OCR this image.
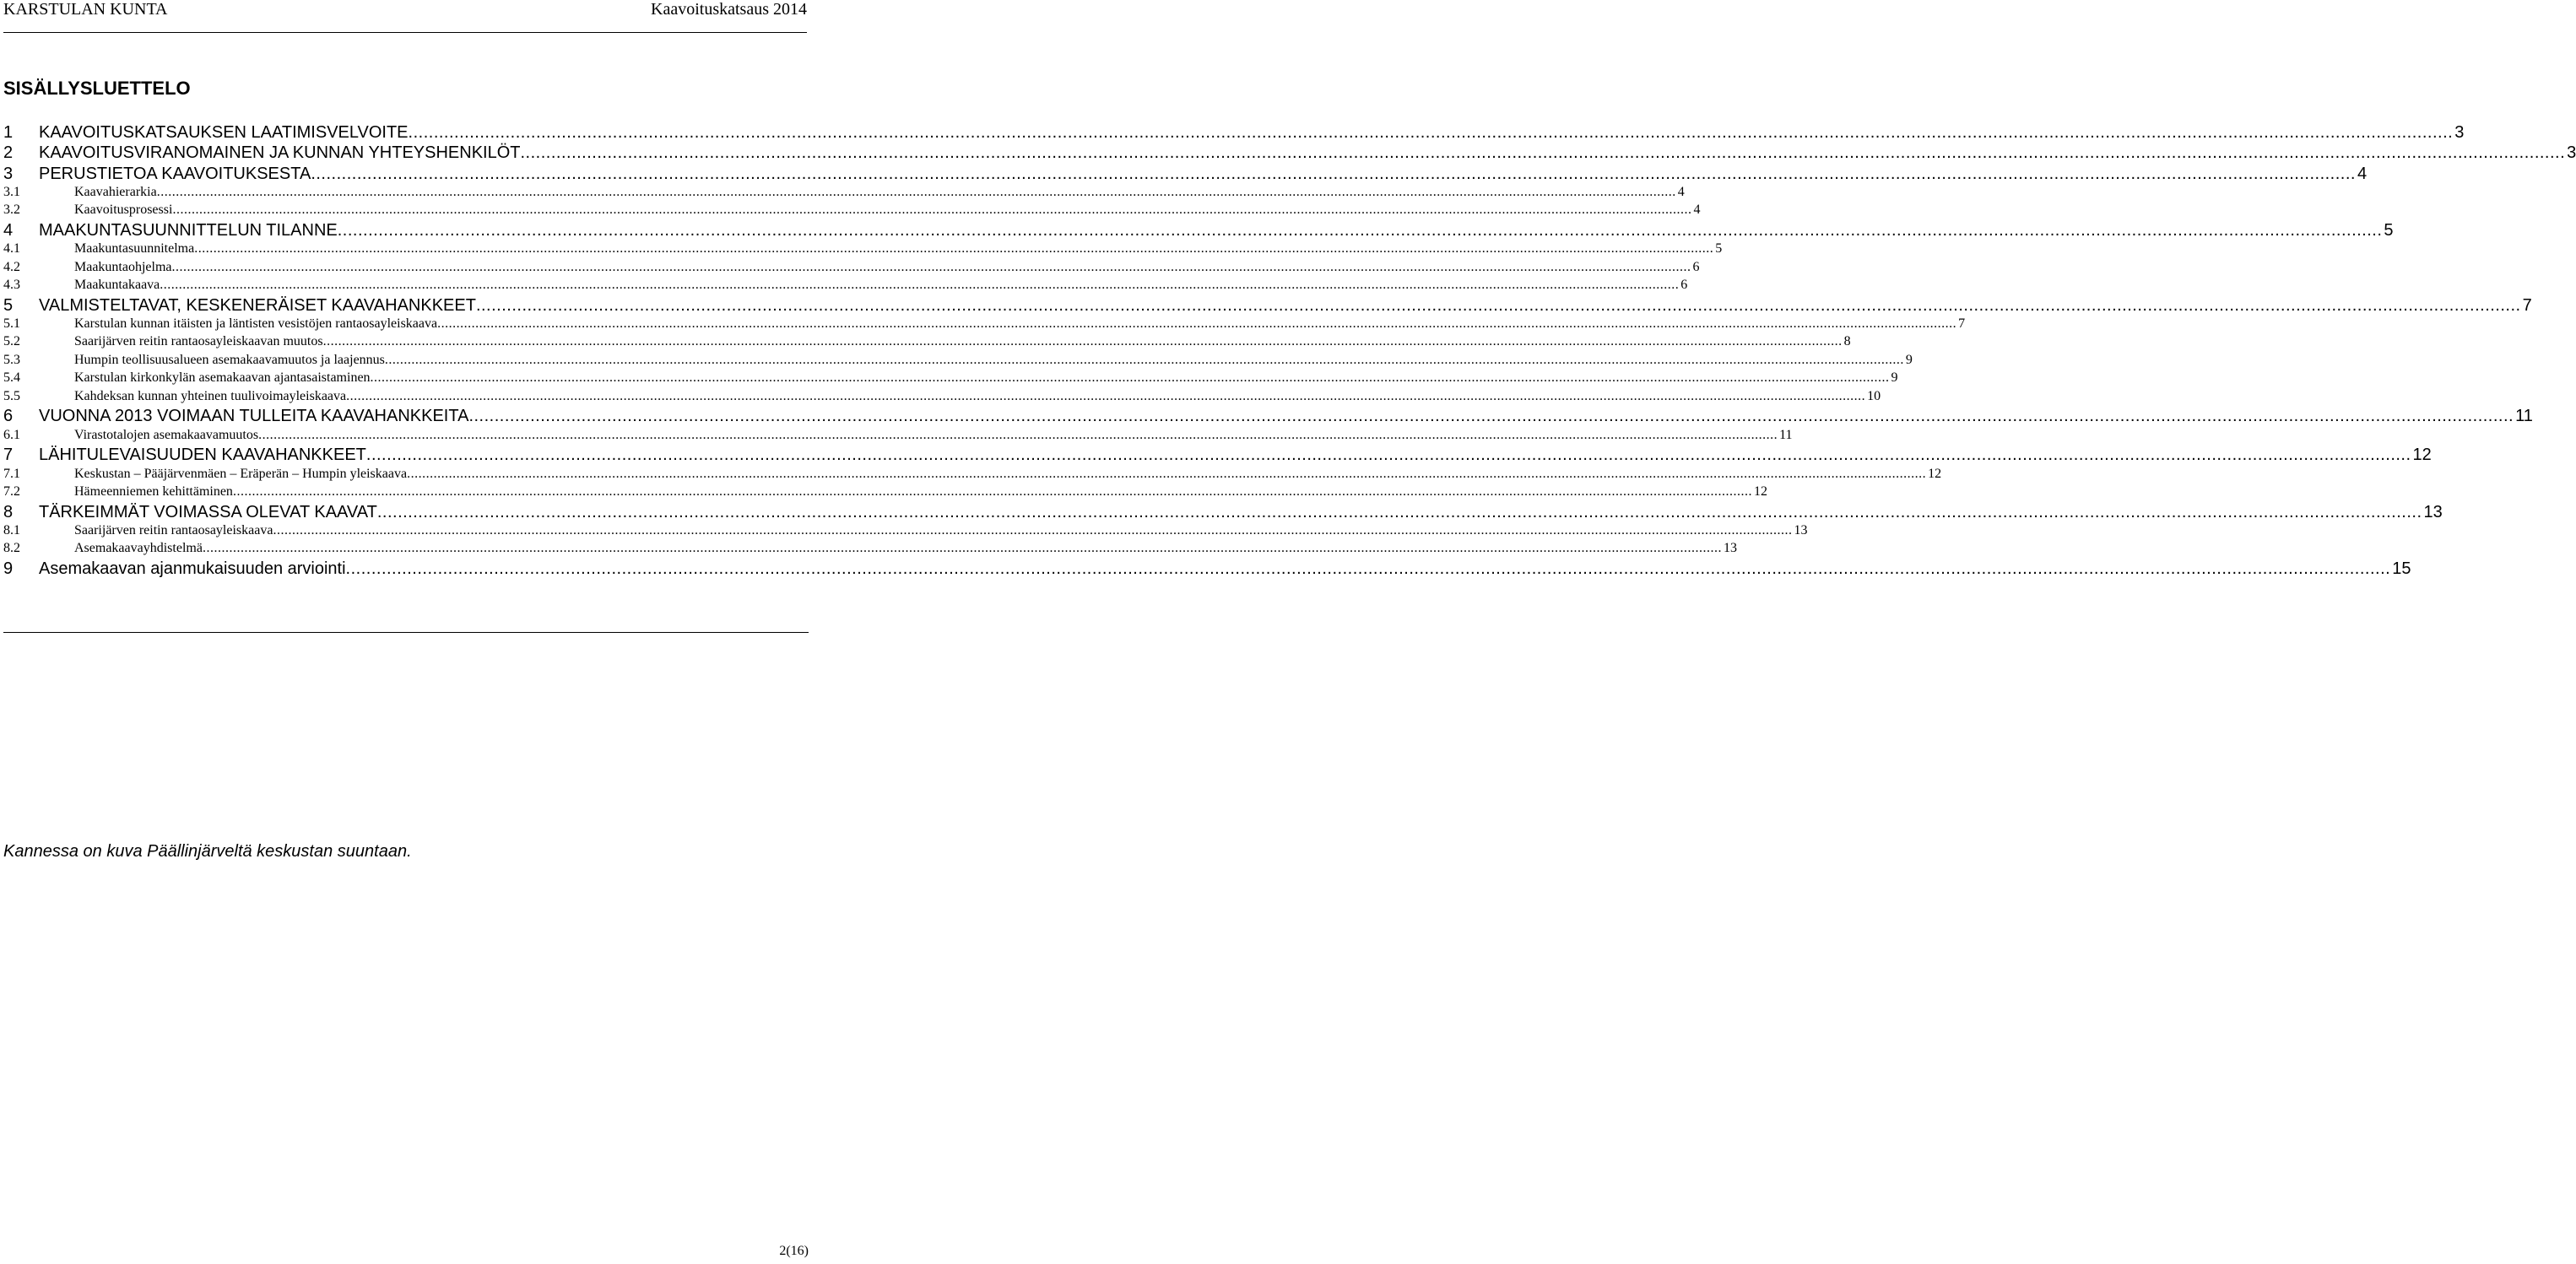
KARSTULAN KUNTA	Kaavoituskatsaus 2014
SISÄLLYSLUETTELO
1	KAAVOITUSKATSAUKSEN LAATIMISVELVOITE ................................................................................................................................................................................................................................................................................................................................................................................................................ 3
2	KAAVOITUSVIRANOMAINEN JA KUNNAN YHTEYSHENKILÖT ................................................................................................................................................................................................................................................................................................................................................................................................................ 3
3	PERUSTIETOA KAAVOITUKSESTA ................................................................................................................................................................................................................................................................................................................................................................................................................ 4
3.1	Kaavahierarkia ................................................................................................................................................................................................................................................................................................................................................................................................................ 4
3.2	Kaavoitusprosessi ................................................................................................................................................................................................................................................................................................................................................................................................................ 4
4	MAAKUNTASUUNNITTELUN TILANNE ................................................................................................................................................................................................................................................................................................................................................................................................................ 5
4.1	Maakuntasuunnitelma ................................................................................................................................................................................................................................................................................................................................................................................................................ 5
4.2	Maakuntaohjelma ................................................................................................................................................................................................................................................................................................................................................................................................................ 6
4.3	Maakuntakaava ................................................................................................................................................................................................................................................................................................................................................................................................................ 6
5	VALMISTELTAVAT, KESKENERÄISET KAAVAHANKKEET ................................................................................................................................................................................................................................................................................................................................................................................................................ 7
5.1	Karstulan kunnan itäisten ja läntisten vesistöjen rantaosayleiskaava ................................................................................................................................................................................................................................................................................................................................................................................................................ 7
5.2	Saarijärven reitin rantaosayleiskaavan muutos ................................................................................................................................................................................................................................................................................................................................................................................................................ 8
5.3	Humpin teollisuusalueen asemakaavamuutos ja laajennus ................................................................................................................................................................................................................................................................................................................................................................................................................ 9
5.4	Karstulan kirkonkylän asemakaavan ajantasaistaminen ................................................................................................................................................................................................................................................................................................................................................................................................................ 9
5.5	Kahdeksan kunnan yhteinen tuulivoimayleiskaava ................................................................................................................................................................................................................................................................................................................................................................................................................ 10
6	VUONNA 2013 VOIMAAN TULLEITA KAAVAHANKKEITA ................................................................................................................................................................................................................................................................................................................................................................................................................ 11
6.1	Virastotalojen asemakaavamuutos ................................................................................................................................................................................................................................................................................................................................................................................................................ 11
7	LÄHITULEVAISUUDEN KAAVAHANKKEET ................................................................................................................................................................................................................................................................................................................................................................................................................ 12
7.1	Keskustan – Pääjärvenmäen – Eräperän – Humpin yleiskaava ................................................................................................................................................................................................................................................................................................................................................................................................................ 12
7.2	Hämeenniemen kehittäminen ................................................................................................................................................................................................................................................................................................................................................................................................................ 12
8	TÄRKEIMMÄT VOIMASSA OLEVAT KAAVAT ................................................................................................................................................................................................................................................................................................................................................................................................................ 13
8.1	Saarijärven reitin rantaosayleiskaava ................................................................................................................................................................................................................................................................................................................................................................................................................ 13
8.2	Asemakaavayhdistelmä ................................................................................................................................................................................................................................................................................................................................................................................................................ 13
9	Asemakaavan ajanmukaisuuden arviointi ................................................................................................................................................................................................................................................................................................................................................................................................................ 15
Kannessa on kuva Päällinjärveltä keskustan suuntaan.
2(16)
